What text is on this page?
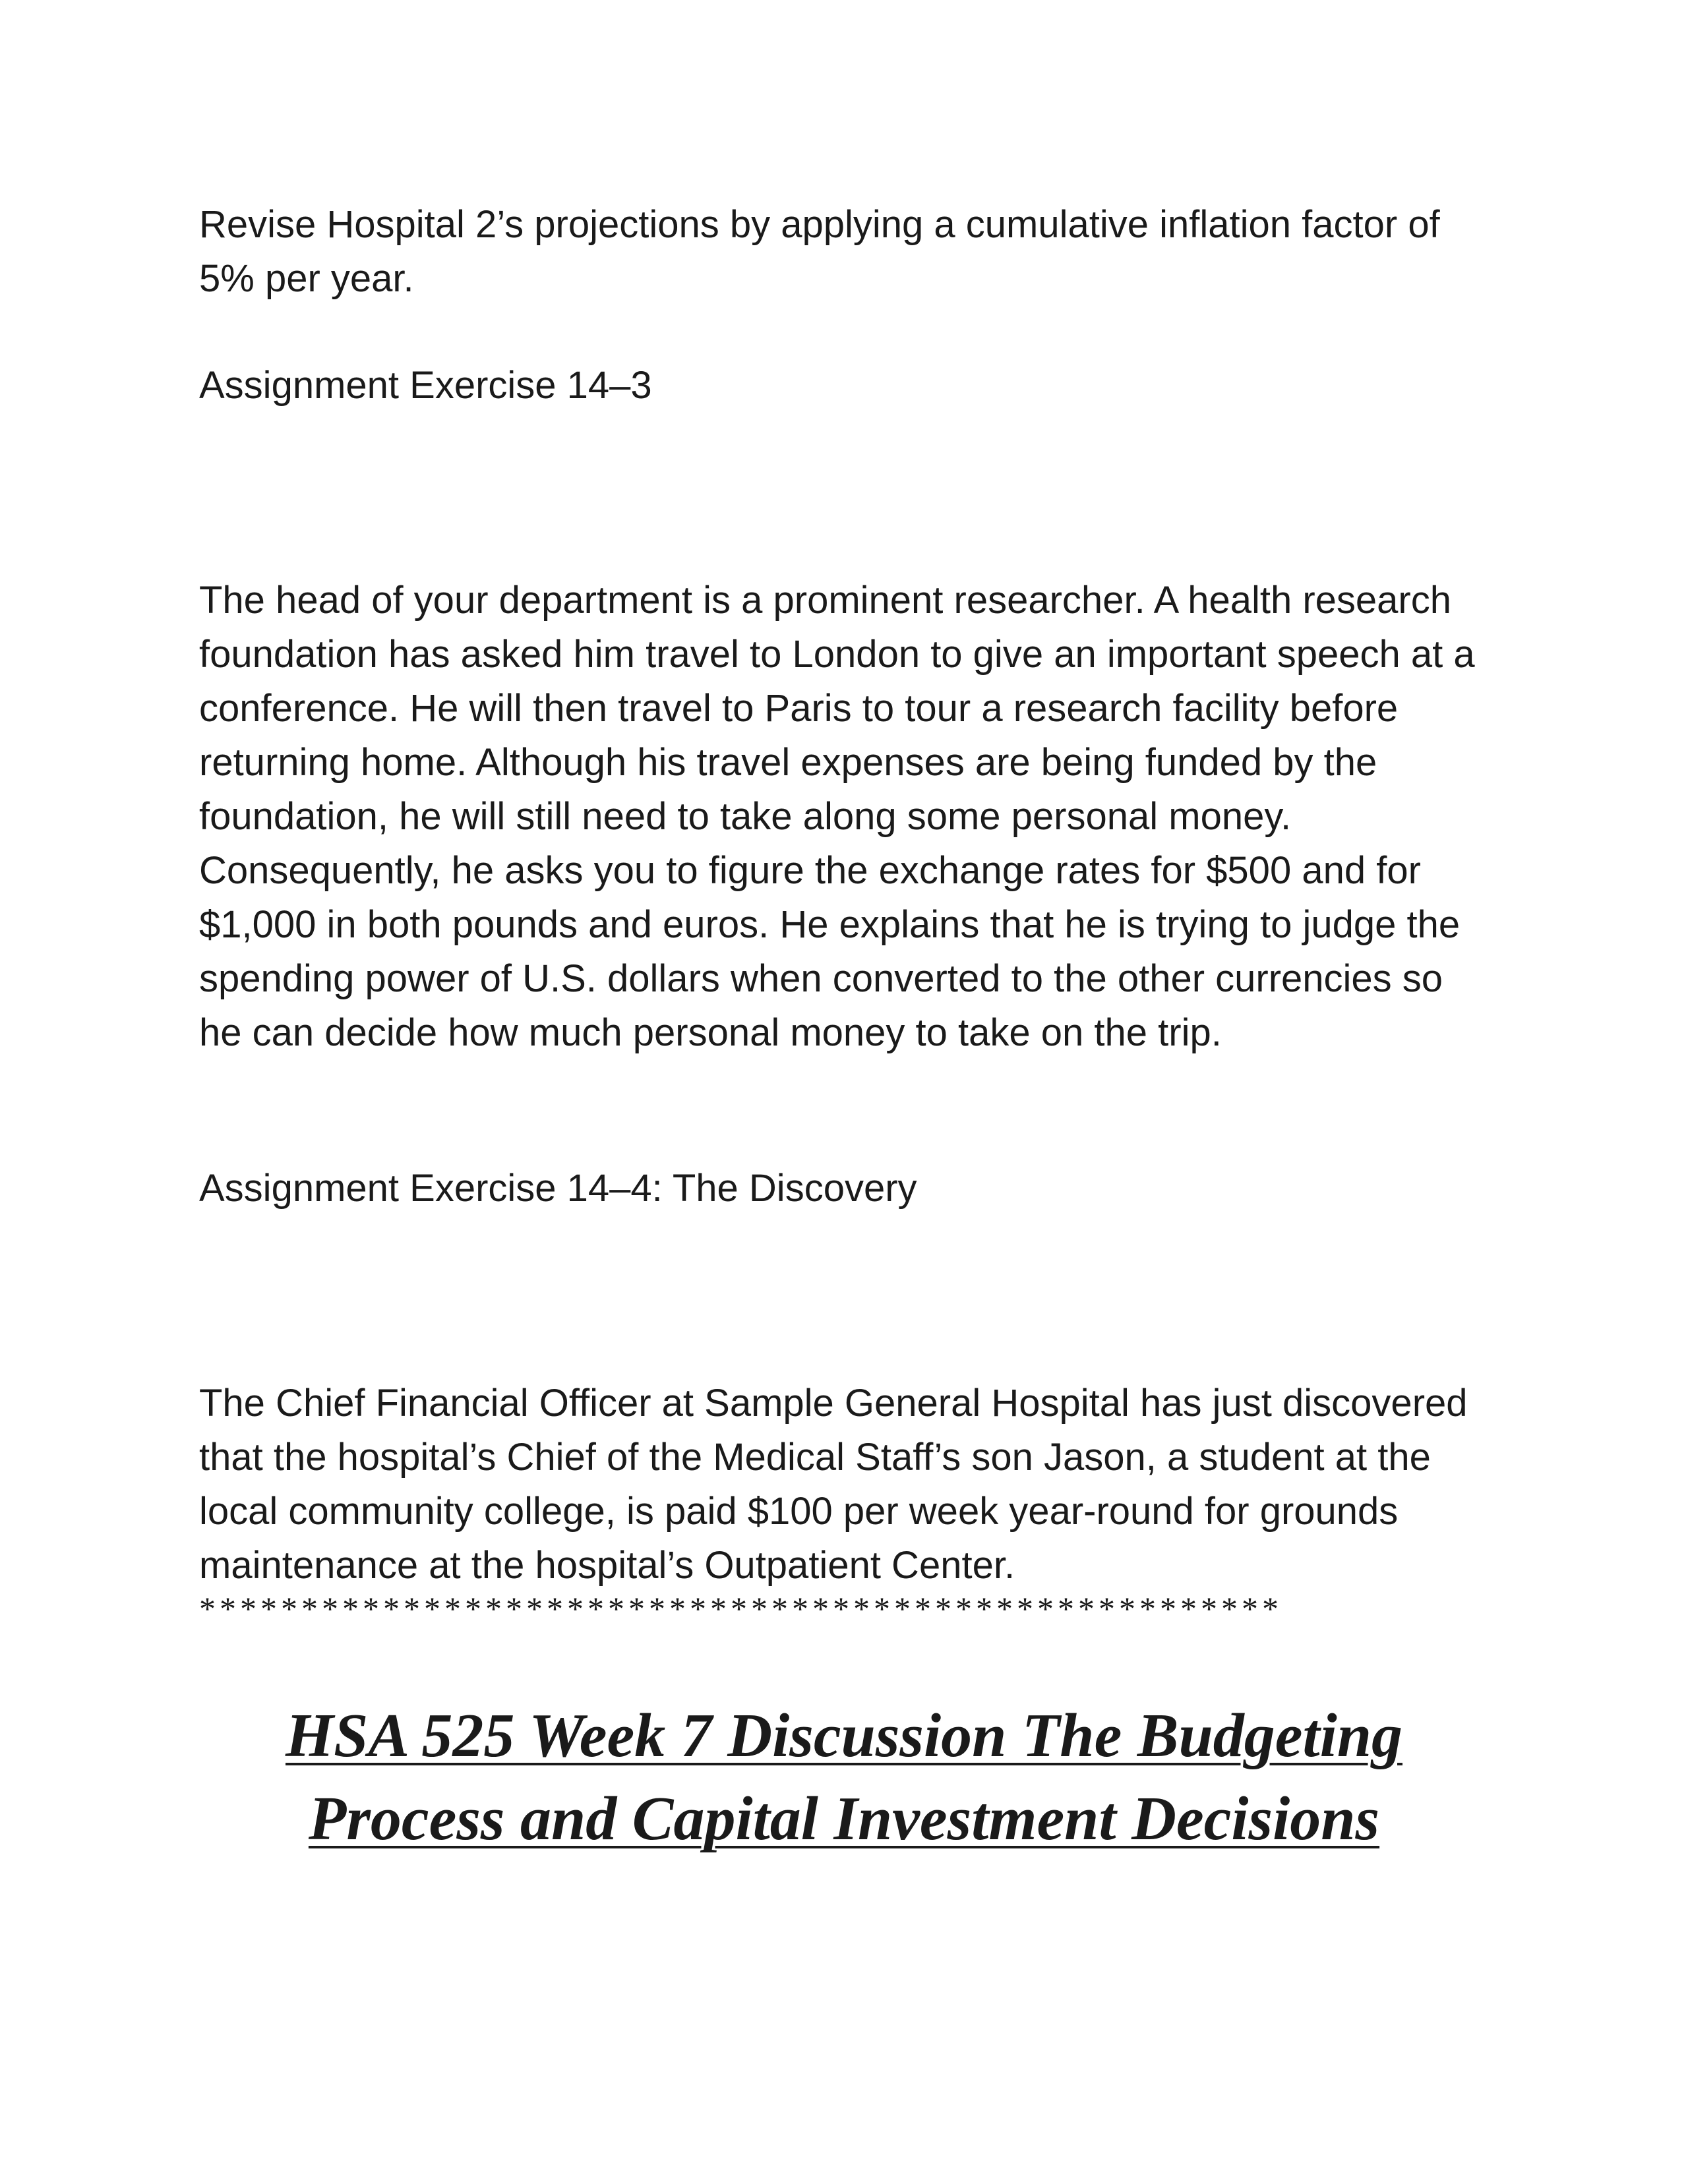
Revise Hospital 2’s projections by applying a cumulative inflation factor of 5% per year.

Assignment Exercise 14–3

The head of your department is a prominent researcher. A health research foundation has asked him travel to London to give an important speech at a conference. He will then travel to Paris to tour a research facility before returning home. Although his travel expenses are being funded by the foundation, he will still need to take along some personal money. Consequently, he asks you to figure the exchange rates for $500 and for $1,000 in both pounds and euros. He explains that he is trying to judge the spending power of U.S. dollars when converted to the other currencies so he can decide how much personal money to take on the trip.

Assignment Exercise 14–4: The Discovery

The Chief Financial Officer at Sample General Hospital has just discovered that the hospital’s Chief of the Medical Staff’s son Jason, a student at the local community college, is paid $100 per week year-round for grounds maintenance at the hospital’s Outpatient Center.

*****************************************************
HSA 525 Week 7 Discussion The Budgeting
Process and Capital Investment Decisions
